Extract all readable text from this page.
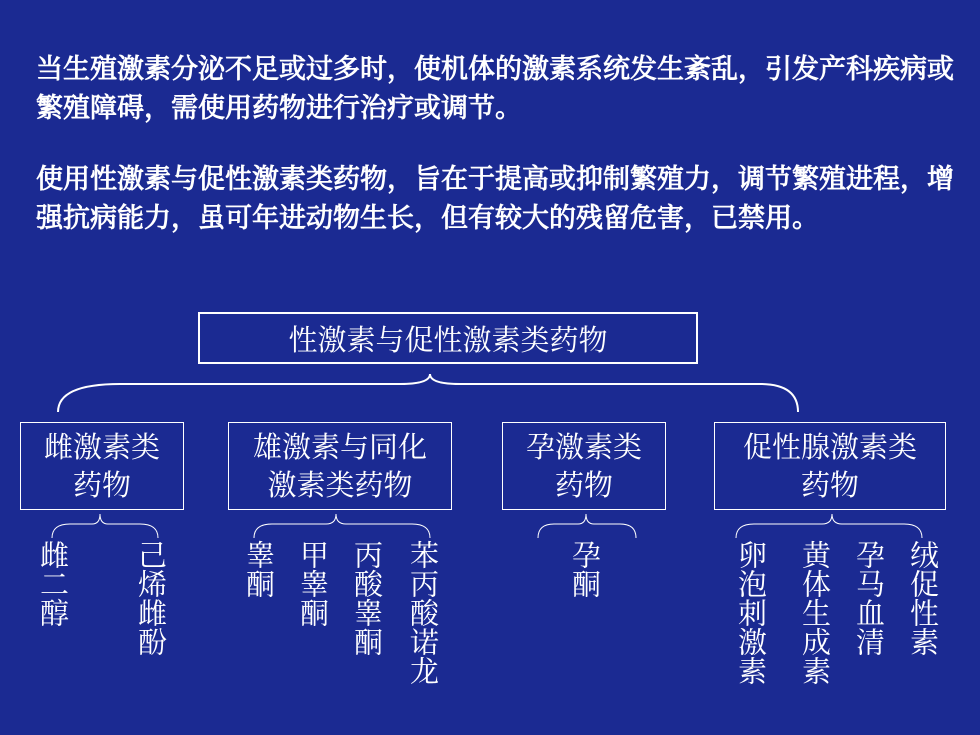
当生殖激素分泌不足或过多时，使机体的激素系统发生紊乱，引发产科疾病或繁殖障碍，需使用药物进行治疗或调节。

使用性激素与促性激素类药物，旨在于提高或抑制繁殖力，调节繁殖进程，增强抗病能力，虽可年进动物生长，但有较大的残留危害，已禁用。

性激素与促性激素类药物
雌激素类
药物
雄激素与同化
激素类药物
孕激素类
药物
促性腺激素类
药物
雌二醇 己烯雌酚	睾酮 甲睾酮 丙酸睾酮 苯丙酸诺龙	孕酮	卵泡刺激素 黄体生成素 孕马血清 绒促性素
